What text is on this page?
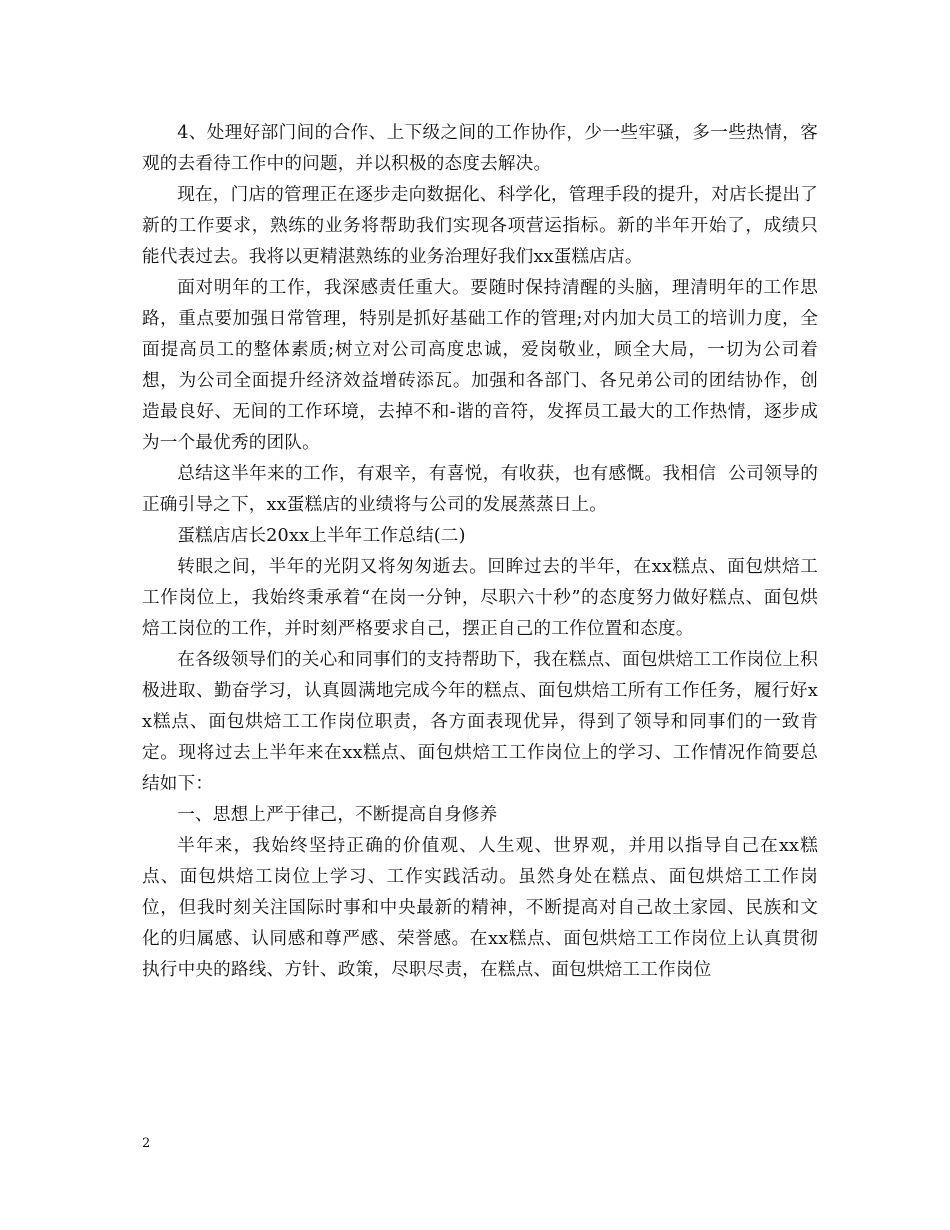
4、处理好部门间的合作、上下级之间的工作协作，少一些牢骚，多一些热情，客观的去看待工作中的问题，并以积极的态度去解决。

现在，门店的管理正在逐步走向数据化、科学化，管理手段的提升，对店长提出了新的工作要求，熟练的业务将帮助我们实现各项营运指标。新的半年开始了，成绩只能代表过去。我将以更精湛熟练的业务治理好我们xx蛋糕店店。

面对明年的工作，我深感责任重大。要随时保持清醒的头脑，理清明年的工作思路，重点要加强日常管理，特别是抓好基础工作的管理;对内加大员工的培训力度，全面提高员工的整体素质;树立对公司高度忠诚，爱岗敬业，顾全大局，一切为公司着想，为公司全面提升经济效益增砖添瓦。加强和各部门、各兄弟公司的团结协作，创造最良好、无间的工作环境，去掉不和-谐的音符，发挥员工最大的工作热情，逐步成为一个最优秀的团队。

总结这半年来的工作，有艰辛，有喜悦，有收获，也有感慨。我相信  公司领导的正确引导之下，xx蛋糕店的业绩将与公司的发展蒸蒸日上。

蛋糕店店长20xx上半年工作总结(二)

转眼之间，半年的光阴又将匆匆逝去。回眸过去的半年，在xx糕点、面包烘焙工工作岗位上，我始终秉承着“在岗一分钟，尽职六十秒”的态度努力做好糕点、面包烘焙工岗位的工作，并时刻严格要求自己，摆正自己的工作位置和态度。

在各级领导们的关心和同事们的支持帮助下，我在糕点、面包烘焙工工作岗位上积极进取、勤奋学习，认真圆满地完成今年的糕点、面包烘焙工所有工作任务，履行好xx糕点、面包烘焙工工作岗位职责，各方面表现优异，得到了领导和同事们的一致肯定。现将过去上半年来在xx糕点、面包烘焙工工作岗位上的学习、工作情况作简要总结如下：

一、思想上严于律己，不断提高自身修养

半年来，我始终坚持正确的价值观、人生观、世界观，并用以指导自己在xx糕点、面包烘焙工岗位上学习、工作实践活动。虽然身处在糕点、面包烘焙工工作岗位，但我时刻关注国际时事和中央最新的精神，不断提高对自己故土家园、民族和文化的归属感、认同感和尊严感、荣誉感。在xx糕点、面包烘焙工工作岗位上认真贯彻执行中央的路线、方针、政策，尽职尽责，在糕点、面包烘焙工工作岗位

2
